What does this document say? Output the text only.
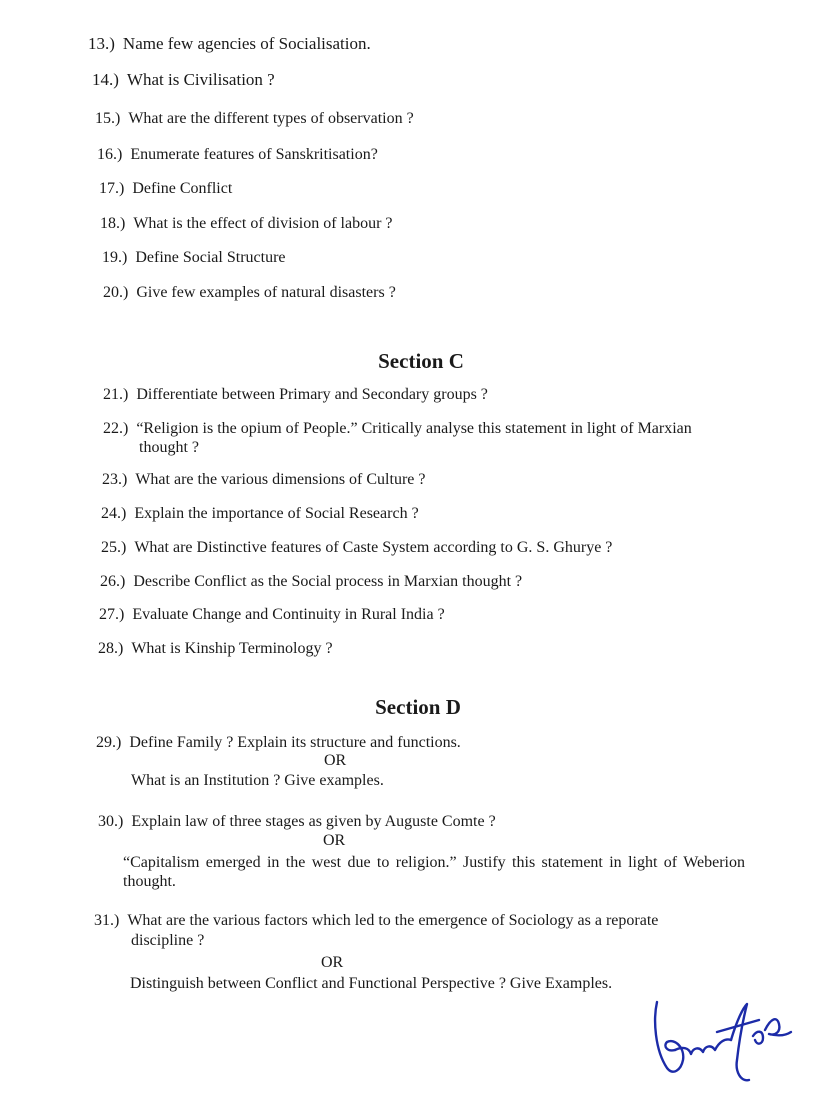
13.) Name few agencies of Socialisation.
14.) What is Civilisation ?
15.) What are the different types of observation ?
16.) Enumerate features of Sanskritisation?
17.) Define Conflict
18.) What is the effect of division of labour ?
19.) Define Social Structure
20.) Give few examples of natural disasters ?
Section C
21.) Differentiate between Primary and Secondary groups ?
22.) “Religion is the opium of People.” Critically analyse this statement in light of Marxian
thought ?
23.) What are the various dimensions of Culture ?
24.) Explain the importance of Social Research ?
25.) What are Distinctive features of Caste System according to G. S. Ghurye ?
26.) Describe Conflict as the Social process in Marxian thought ?
27.) Evaluate Change and Continuity in Rural India ?
28.) What is Kinship Terminology ?
Section D
29.) Define Family ? Explain its structure and functions.
OR
What is an Institution ? Give examples.
30.) Explain law of three stages as given by Auguste Comte ?
OR
“Capitalism emerged in the west due to religion.” Justify this statement in light of Weberion thought.
31.) What are the various factors which led to the emergence of Sociology as a reporate
discipline ?
OR
Distinguish between Conflict and Functional Perspective ? Give Examples.
